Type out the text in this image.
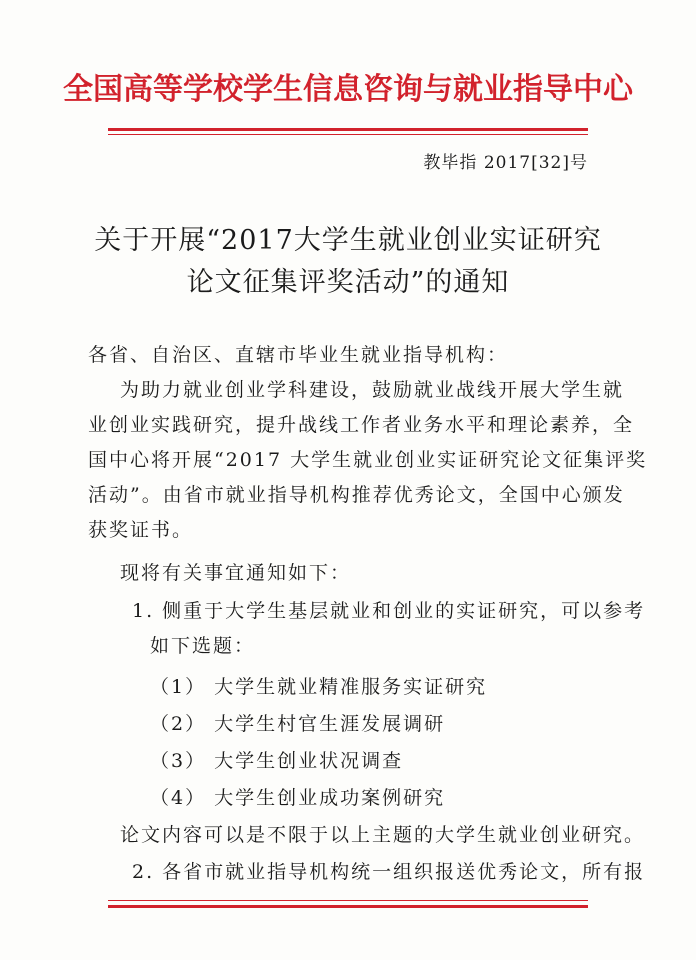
全国高等学校学生信息咨询与就业指导中心
教毕指 2017[32]号
关于开展“2017大学生就业创业实证研究
论文征集评奖活动”的通知
各省、自治区、直辖市毕业生就业指导机构：
为助力就业创业学科建设，鼓励就业战线开展大学生就
业创业实践研究，提升战线工作者业务水平和理论素养，全
国中心将开展“2017 大学生就业创业实证研究论文征集评奖
活动”。由省市就业指导机构推荐优秀论文，全国中心颁发
获奖证书。
现将有关事宜通知如下：
1. 侧重于大学生基层就业和创业的实证研究，可以参考
如下选题：
（1） 大学生就业精准服务实证研究
（2） 大学生村官生涯发展调研
（3） 大学生创业状况调查
（4） 大学生创业成功案例研究
论文内容可以是不限于以上主题的大学生就业创业研究。
2. 各省市就业指导机构统一组织报送优秀论文，所有报
